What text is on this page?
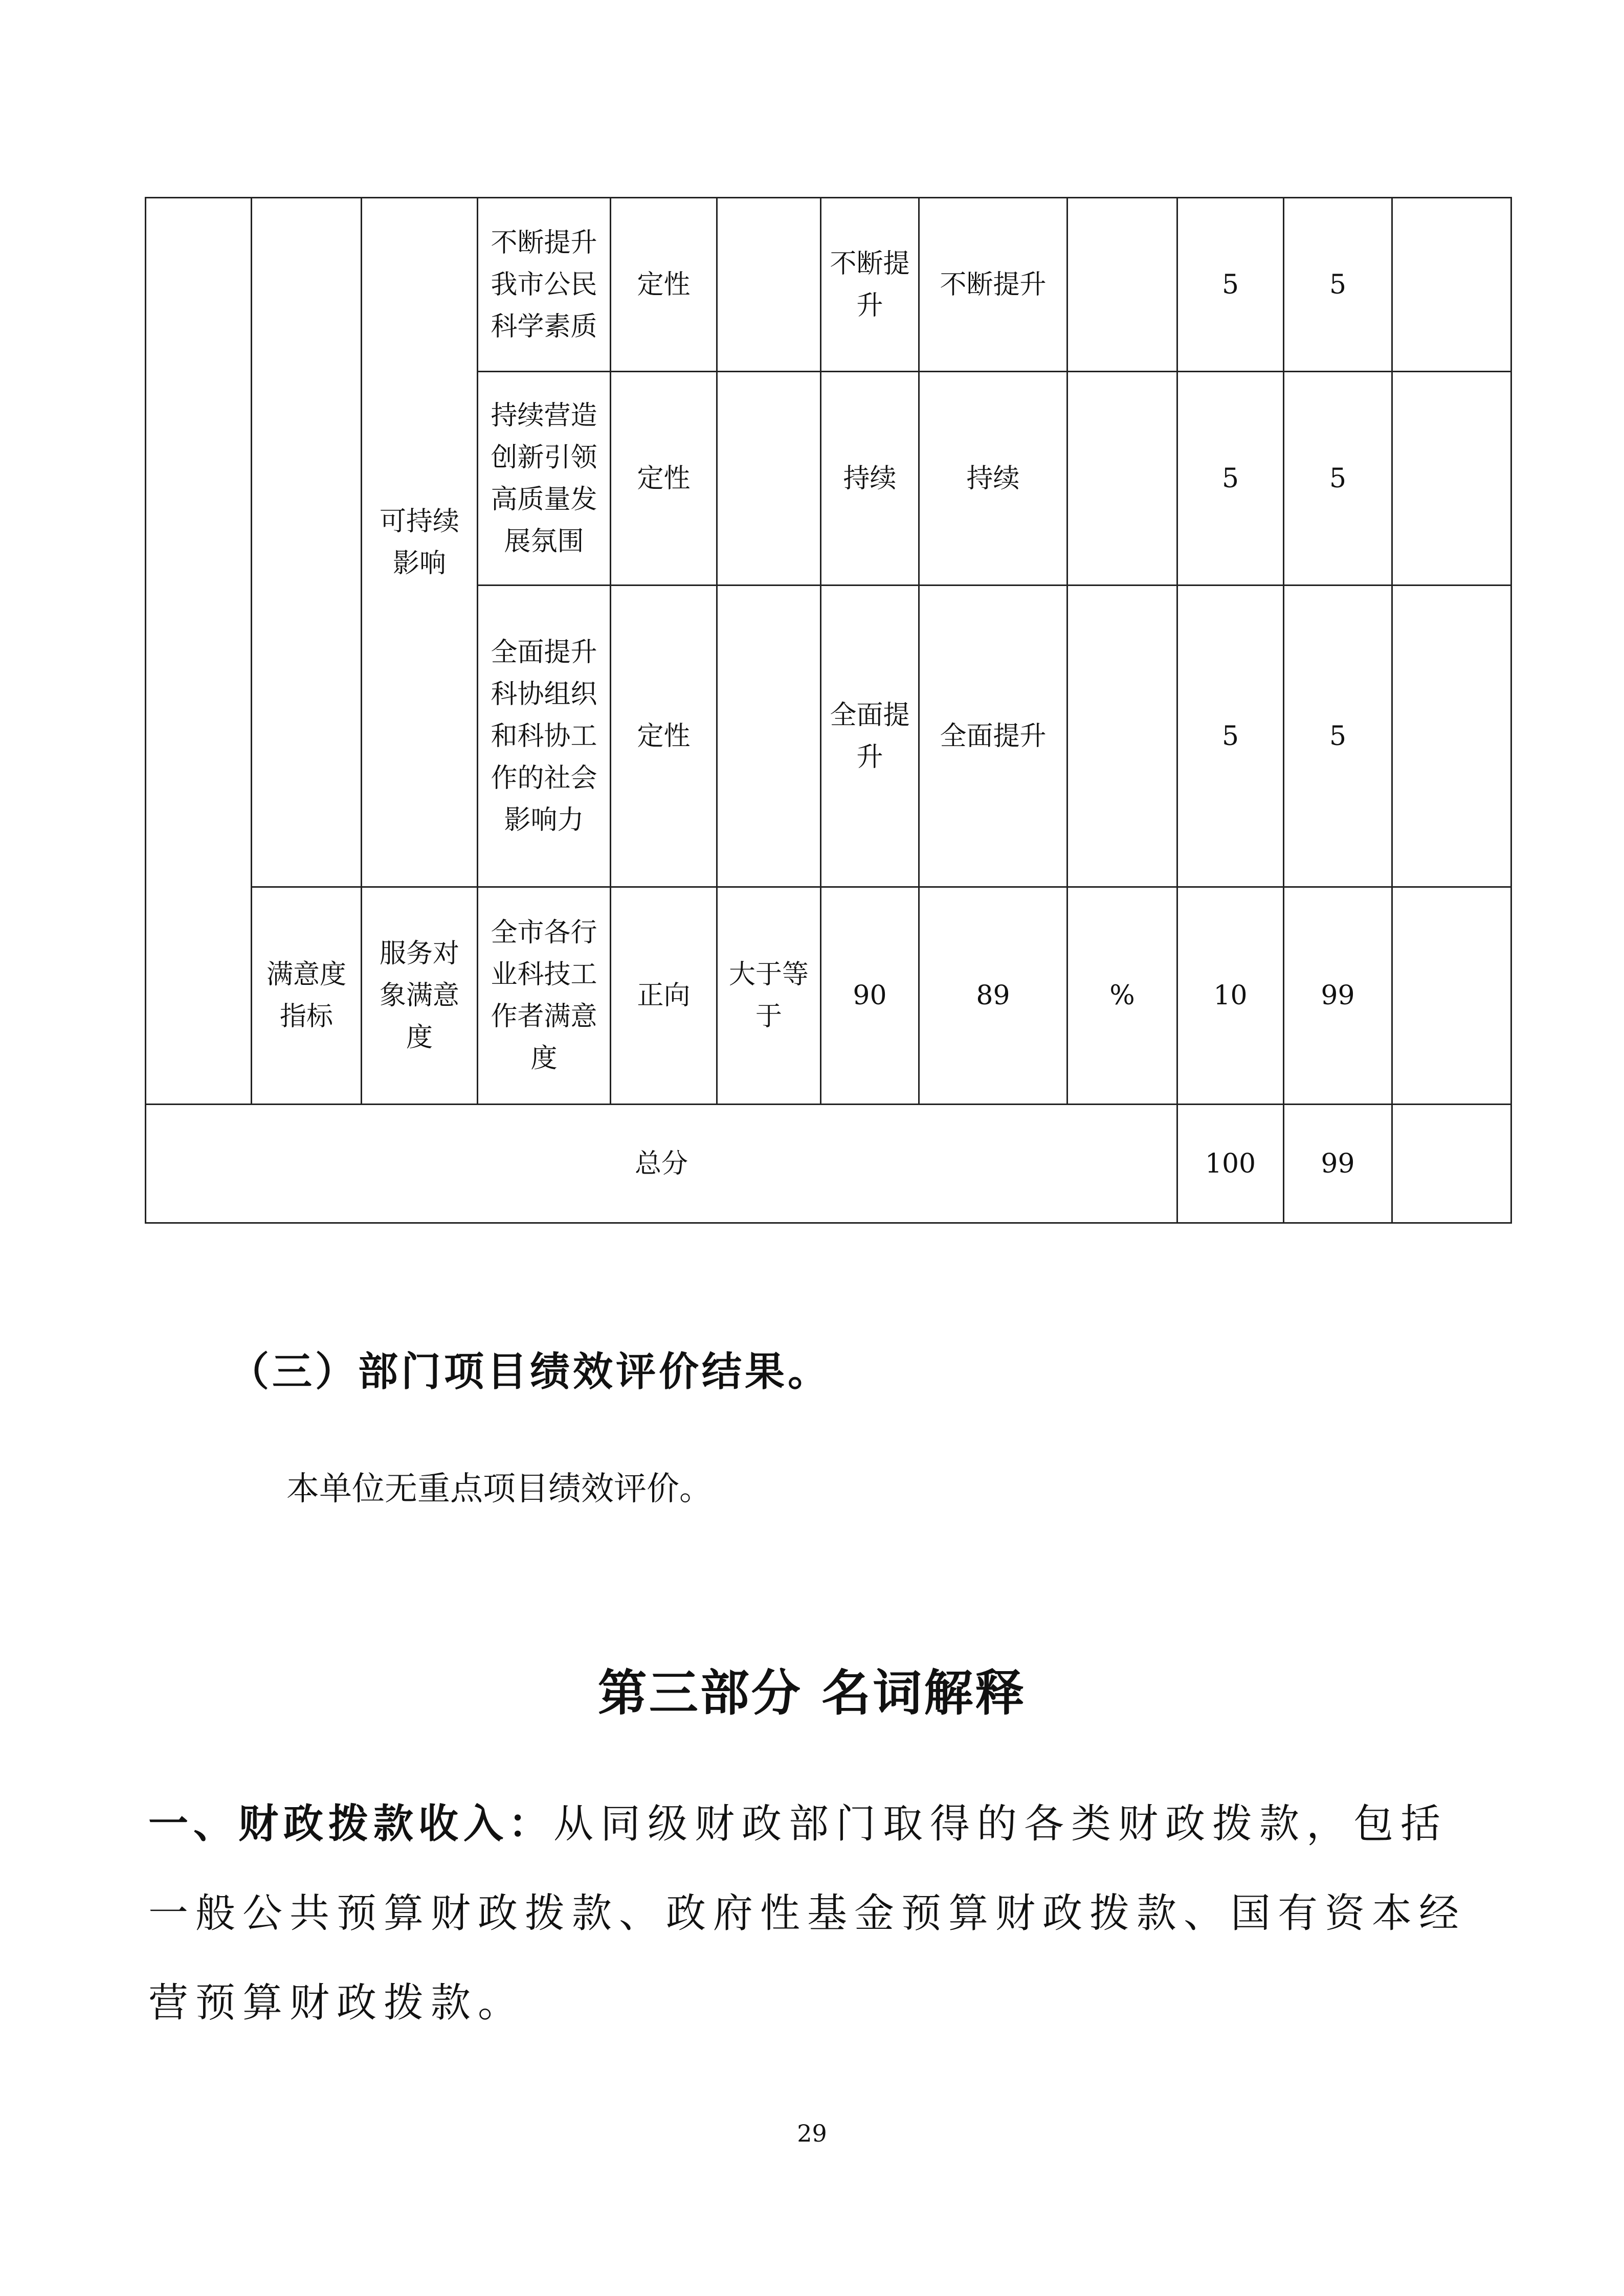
		可持续影响	不断提升我市公民科学素质	定性		不断提升	不断提升		5	5	
			持续营造创新引领高质量发展氛围	定性		持续	持续		5	5	
			全面提升科协组织和科协工作的社会影响力	定性		全面提升	全面提升		5	5	
	满意度指标	服务对象满意度	全市各行业科技工作者满意度	正向	大于等于	90	89	%	10	99	
总分									100	99	
（三）部门项目绩效评价结果。
本单位无重点项目绩效评价。
第三部分 名词解释
一、财政拨款收入：从同级财政部门取得的各类财政拨款，包括一般公共预算财政拨款、政府性基金预算财政拨款、国有资本经营预算财政拨款。
29
